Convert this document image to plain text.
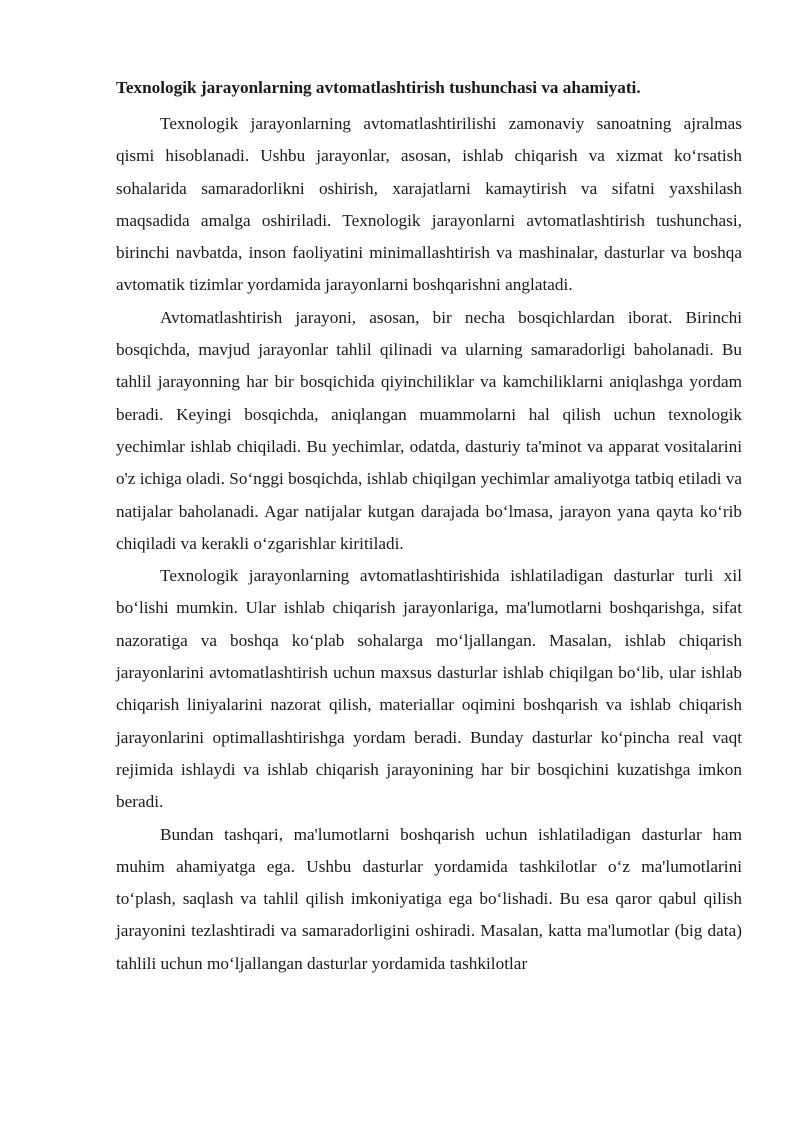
Texnologik jarayonlarning avtomatlashtirish tushunchasi va ahamiyati.

Texnologik jarayonlarning avtomatlashtirilishi zamonaviy sanoatning ajralmas qismi hisoblanadi. Ushbu jarayonlar, asosan, ishlab chiqarish va xizmat ko‘rsatish sohalarida samaradorlikni oshirish, xarajatlarni kamaytirish va sifatni yaxshilash maqsadida amalga oshiriladi. Texnologik jarayonlarni avtomatlashtirish tushunchasi, birinchi navbatda, inson faoliyatini minimallashtirish va mashinalar, dasturlar va boshqa avtomatik tizimlar yordamida jarayonlarni boshqarishni anglatadi.

Avtomatlashtirish jarayoni, asosan, bir necha bosqichlardan iborat. Birinchi bosqichda, mavjud jarayonlar tahlil qilinadi va ularning samaradorligi baholanadi. Bu tahlil jarayonning har bir bosqichida qiyinchiliklar va kamchiliklarni aniqlashga yordam beradi. Keyingi bosqichda, aniqlangan muammolarni hal qilish uchun texnologik yechimlar ishlab chiqiladi. Bu yechimlar, odatda, dasturiy ta'minot va apparat vositalarini o'z ichiga oladi. So‘nggi bosqichda, ishlab chiqilgan yechimlar amaliyotga tatbiq etiladi va natijalar baholanadi. Agar natijalar kutgan darajada bo‘lmasa, jarayon yana qayta ko‘rib chiqiladi va kerakli o‘zgarishlar kiritiladi.

Texnologik jarayonlarning avtomatlashtirishida ishlatiladigan dasturlar turli xil bo‘lishi mumkin. Ular ishlab chiqarish jarayonlariga, ma'lumotlarni boshqarishga, sifat nazoratiga va boshqa ko‘plab sohalarga mo‘ljallangan. Masalan, ishlab chiqarish jarayonlarini avtomatlashtirish uchun maxsus dasturlar ishlab chiqilgan bo‘lib, ular ishlab chiqarish liniyalarini nazorat qilish, materiallar oqimini boshqarish va ishlab chiqarish jarayonlarini optimallashtirishga yordam beradi. Bunday dasturlar ko‘pincha real vaqt rejimida ishlaydi va ishlab chiqarish jarayonining har bir bosqichini kuzatishga imkon beradi.

Bundan tashqari, ma'lumotlarni boshqarish uchun ishlatiladigan dasturlar ham muhim ahamiyatga ega. Ushbu dasturlar yordamida tashkilotlar o‘z ma'lumotlarini to‘plash, saqlash va tahlil qilish imkoniyatiga ega bo‘lishadi. Bu esa qaror qabul qilish jarayonini tezlashtiradi va samaradorligini oshiradi. Masalan, katta ma'lumotlar (big data) tahlili uchun mo‘ljallangan dasturlar yordamida tashkilotlar
